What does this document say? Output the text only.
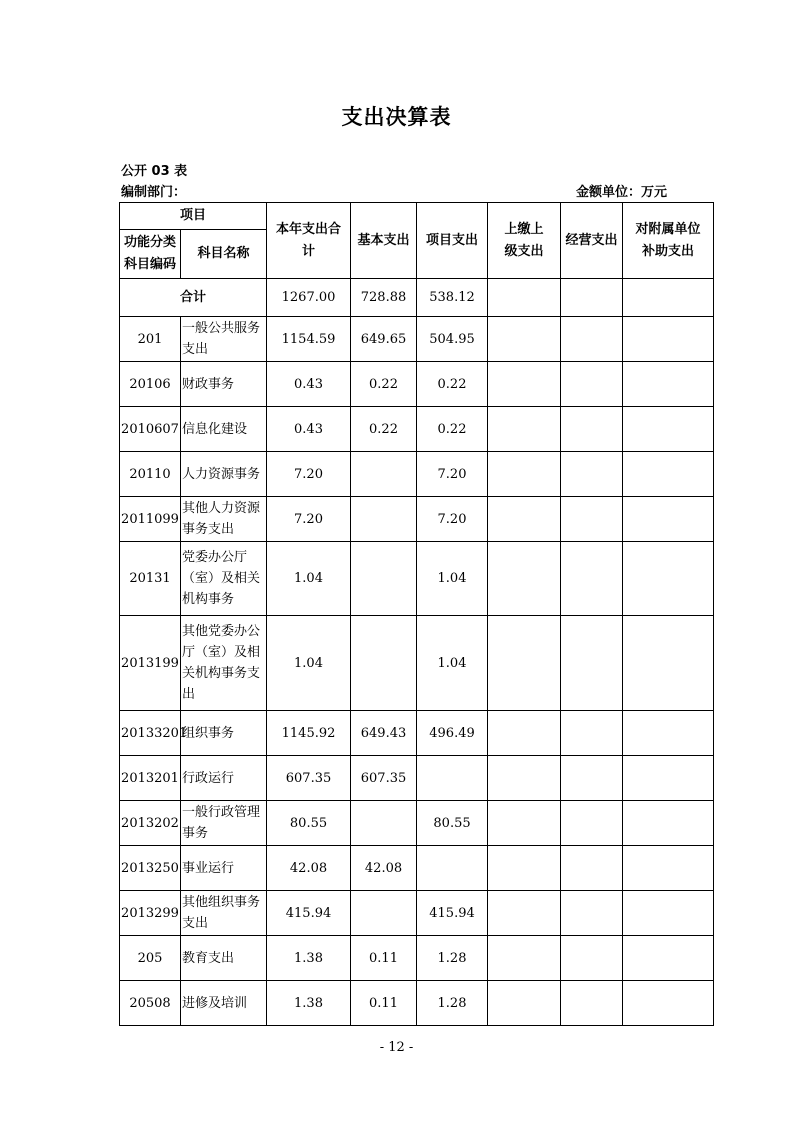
支出决算表
公开 03 表
编制部门：	金额单位：万元
项目		本年支出合计	基本支出	项目支出	上缴上级支出	经营支出	对附属单位补助支出
功能分类科目编码	科目名称						
合计		1267.00	728.88	538.12			
201	一般公共服务支出	1154.59	649.65	504.95			
20106	财政事务	0.43	0.22	0.22			
2010607	信息化建设	0.43	0.22	0.22			
20110	人力资源事务	7.20		7.20			
2011099	其他人力资源事务支出	7.20		7.20			
20131	党委办公厅（室）及相关机构事务	1.04		1.04			
2013199	其他党委办公厅（室）及相关机构事务支出	1.04		1.04			
20133201	组织事务	1145.92	649.43	496.49			
2013201	行政运行	607.35	607.35				
2013202	一般行政管理事务	80.55		80.55			
2013250	事业运行	42.08	42.08				
2013299	其他组织事务支出	415.94		415.94			
205	教育支出	1.38	0.11	1.28			
20508	进修及培训	1.38	0.11	1.28			
- 12 -
